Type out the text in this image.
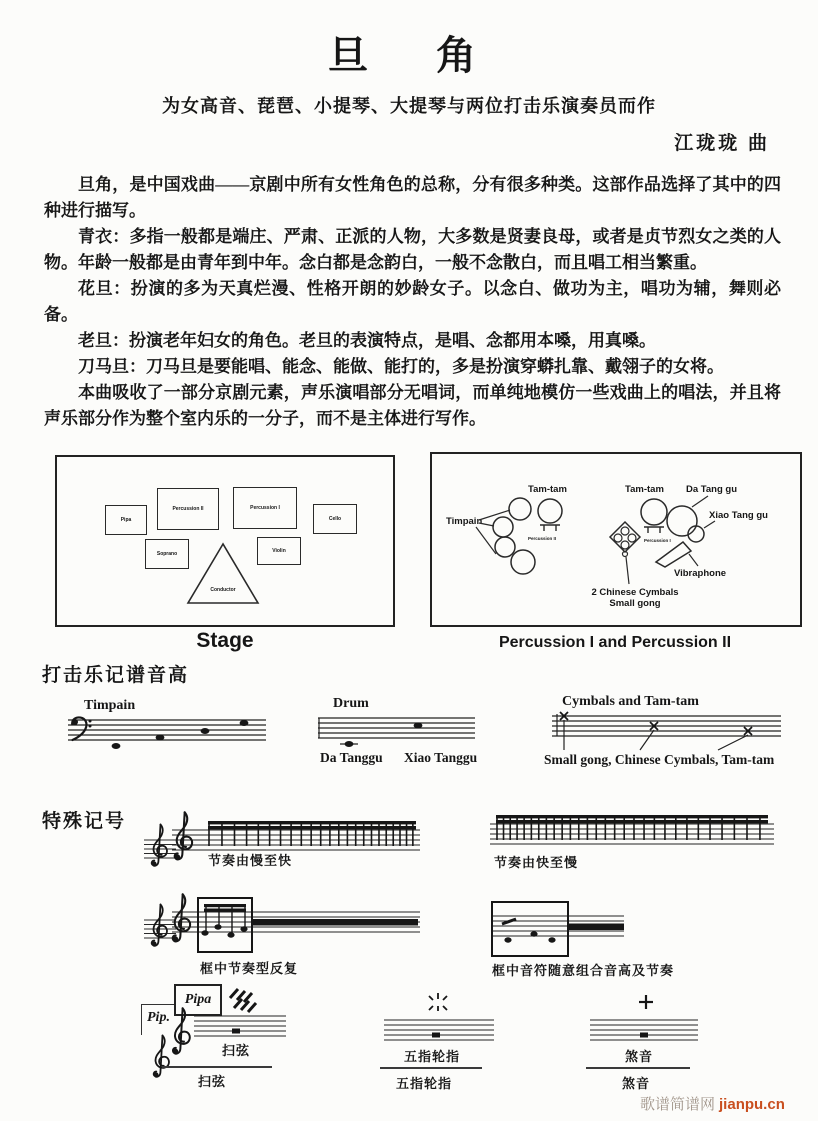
旦　角
为女高音、琵琶、小提琴、大提琴与两位打击乐演奏员而作
江珑珑 曲

旦角，是中国戏曲——京剧中所有女性角色的总称，分有很多种类。这部作品选择了其中的四种进行描写。

青衣：多指一般都是端庄、严肃、正派的人物，大多数是贤妻良母，或者是贞节烈女之类的人物。年龄一般都是由青年到中年。念白都是念韵白，一般不念散白，而且唱工相当繁重。

花旦：扮演的多为天真烂漫、性格开朗的妙龄女子。以念白、做功为主，唱功为辅，舞则必备。

老旦：扮演老年妇女的角色。老旦的表演特点，是唱、念都用本嗓，用真嗓。

刀马旦：刀马旦是要能唱、能念、能做、能打的，多是扮演穿蟒扎靠、戴翎子的女将。

本曲吸收了一部分京剧元素，声乐演唱部分无唱词，而单纯地模仿一些戏曲上的唱法，并且将声乐部分作为整个室内乐的一分子，而不是主体进行写作。

Pipa
Percussion II	Percussion I
Cello
Soprano	Violin
Conductor
Stage
Timpain
Tam-tam
Percussion II
Tam-tam Da Tang gu
Xiao Tang gu
Percussion I
2 Chinese Cymbals
Small gong
Vibraphone
Percussion I and Percussion II
打击乐记谱音高
Timpain	Drum
Da Tanggu Xiao Tanggu
Cymbals and Tam-tam
Small gong, Chinese Cymbals, Tam-tam
特殊记号
节奏由慢至快	节奏由快至慢
框中节奏型反复	框中音符随意组合音高及节奏
Pipa
Pip.
扫弦
扫弦
五指轮指
五指轮指
煞音
煞音
歌谱简谱网 jianpu.cn
